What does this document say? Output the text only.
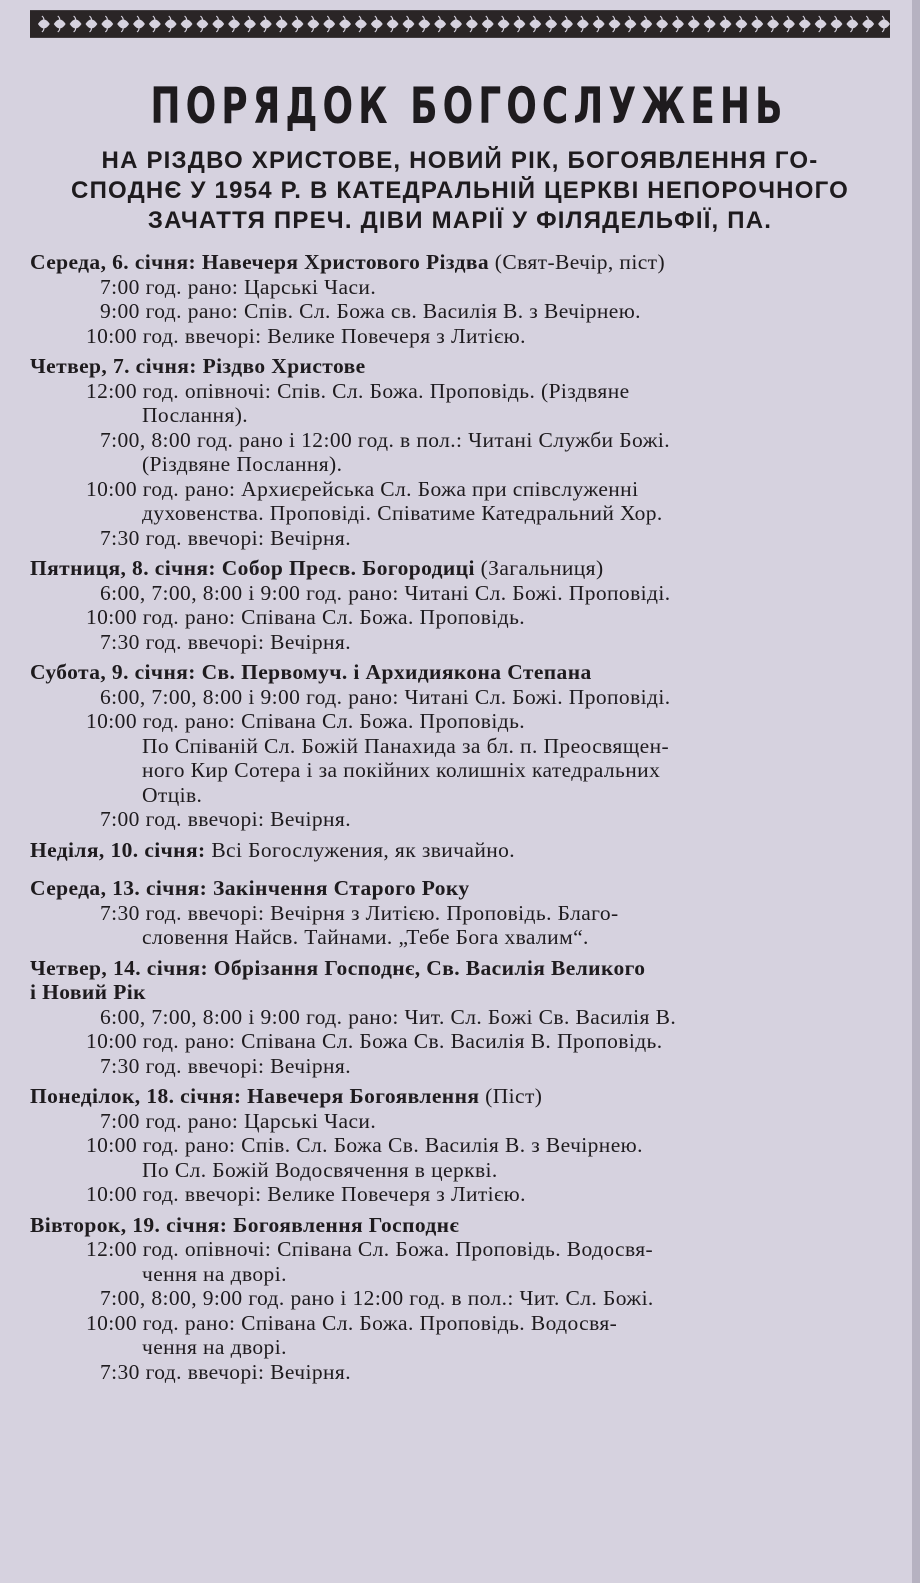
ПОРЯДОК БОГОСЛУЖЕНЬ
НА РІЗДВО ХРИСТОВЕ, НОВИЙ РІК, БОГОЯВЛЕННЯ ГО-
СПОДНЄ У 1954 Р. В КАТЕДРАЛЬНІЙ ЦЕРКВІ НЕПОРОЧНОГО
ЗАЧАТТЯ ПРЕЧ. ДІВИ МАРІЇ У ФІЛЯДЕЛЬФІЇ, ПА.
Середа, 6. січня: Навечеря Христового Різдва (Свят-Вечір, піст)
7:00 год. рано: Царські Часи.
9:00 год. рано: Спів. Сл. Божа св. Василія В. з Вечірнею.
10:00 год. ввечорі: Велике Повечеря з Литією.
Четвер, 7. січня: Різдво Христове
12:00 год. опівночі: Спів. Сл. Божа. Проповідь. (Різдвяне
Послання).
7:00, 8:00 год. рано і 12:00 год. в пол.: Читані Служби Божі.
(Різдвяне Послання).
10:00 год. рано: Архиєрейська Сл. Божа при співслуженні
духовенства. Проповіді. Співатиме Катедральний Хор.
7:30 год. ввечорі: Вечірня.
Пятниця, 8. січня: Собор Пресв. Богородиці (Загальниця)
6:00, 7:00, 8:00 і 9:00 год. рано: Читані Сл. Божі. Проповіді.
10:00 год. рано: Співана Сл. Божа. Проповідь.
7:30 год. ввечорі: Вечірня.
Субота, 9. січня: Св. Первомуч. і Архидиякона Степана
6:00, 7:00, 8:00 і 9:00 год. рано: Читані Сл. Божі. Проповіді.
10:00 год. рано: Співана Сл. Божа. Проповідь.
По Співаній Сл. Божій Панахида за бл. п. Преосвящен-
ного Кир Сотера і за покійних колишніх катедральних
Отців.
7:00 год. ввечорі: Вечірня.
Неділя, 10. січня: Всі Богослужения, як звичайно.
Середа, 13. січня: Закінчення Старого Року
7:30 год. ввечорі: Вечірня з Литією. Проповідь. Благо-
словення Найсв. Тайнами. „Тебе Бога хвалим“.
Четвер, 14. січня: Обрізання Господнє, Св. Василія Великого
і Новий Рік
6:00, 7:00, 8:00 і 9:00 год. рано: Чит. Сл. Божі Св. Василія В.
10:00 год. рано: Співана Сл. Божа Св. Василія В. Проповідь.
7:30 год. ввечорі: Вечірня.
Понеділок, 18. січня: Навечеря Богоявлення (Піст)
7:00 год. рано: Царські Часи.
10:00 год. рано: Спів. Сл. Божа Св. Василія В. з Вечірнею.
По Сл. Божій Водосвячення в церкві.
10:00 год. ввечорі: Велике Повечеря з Литією.
Вівторок, 19. січня: Богоявлення Господнє
12:00 год. опівночі: Співана Сл. Божа. Проповідь. Водосвя-
чення на дворі.
7:00, 8:00, 9:00 год. рано і 12:00 год. в пол.: Чит. Сл. Божі.
10:00 год. рано: Співана Сл. Божа. Проповідь. Водосвя-
чення на дворі.
7:30 год. ввечорі: Вечірня.
